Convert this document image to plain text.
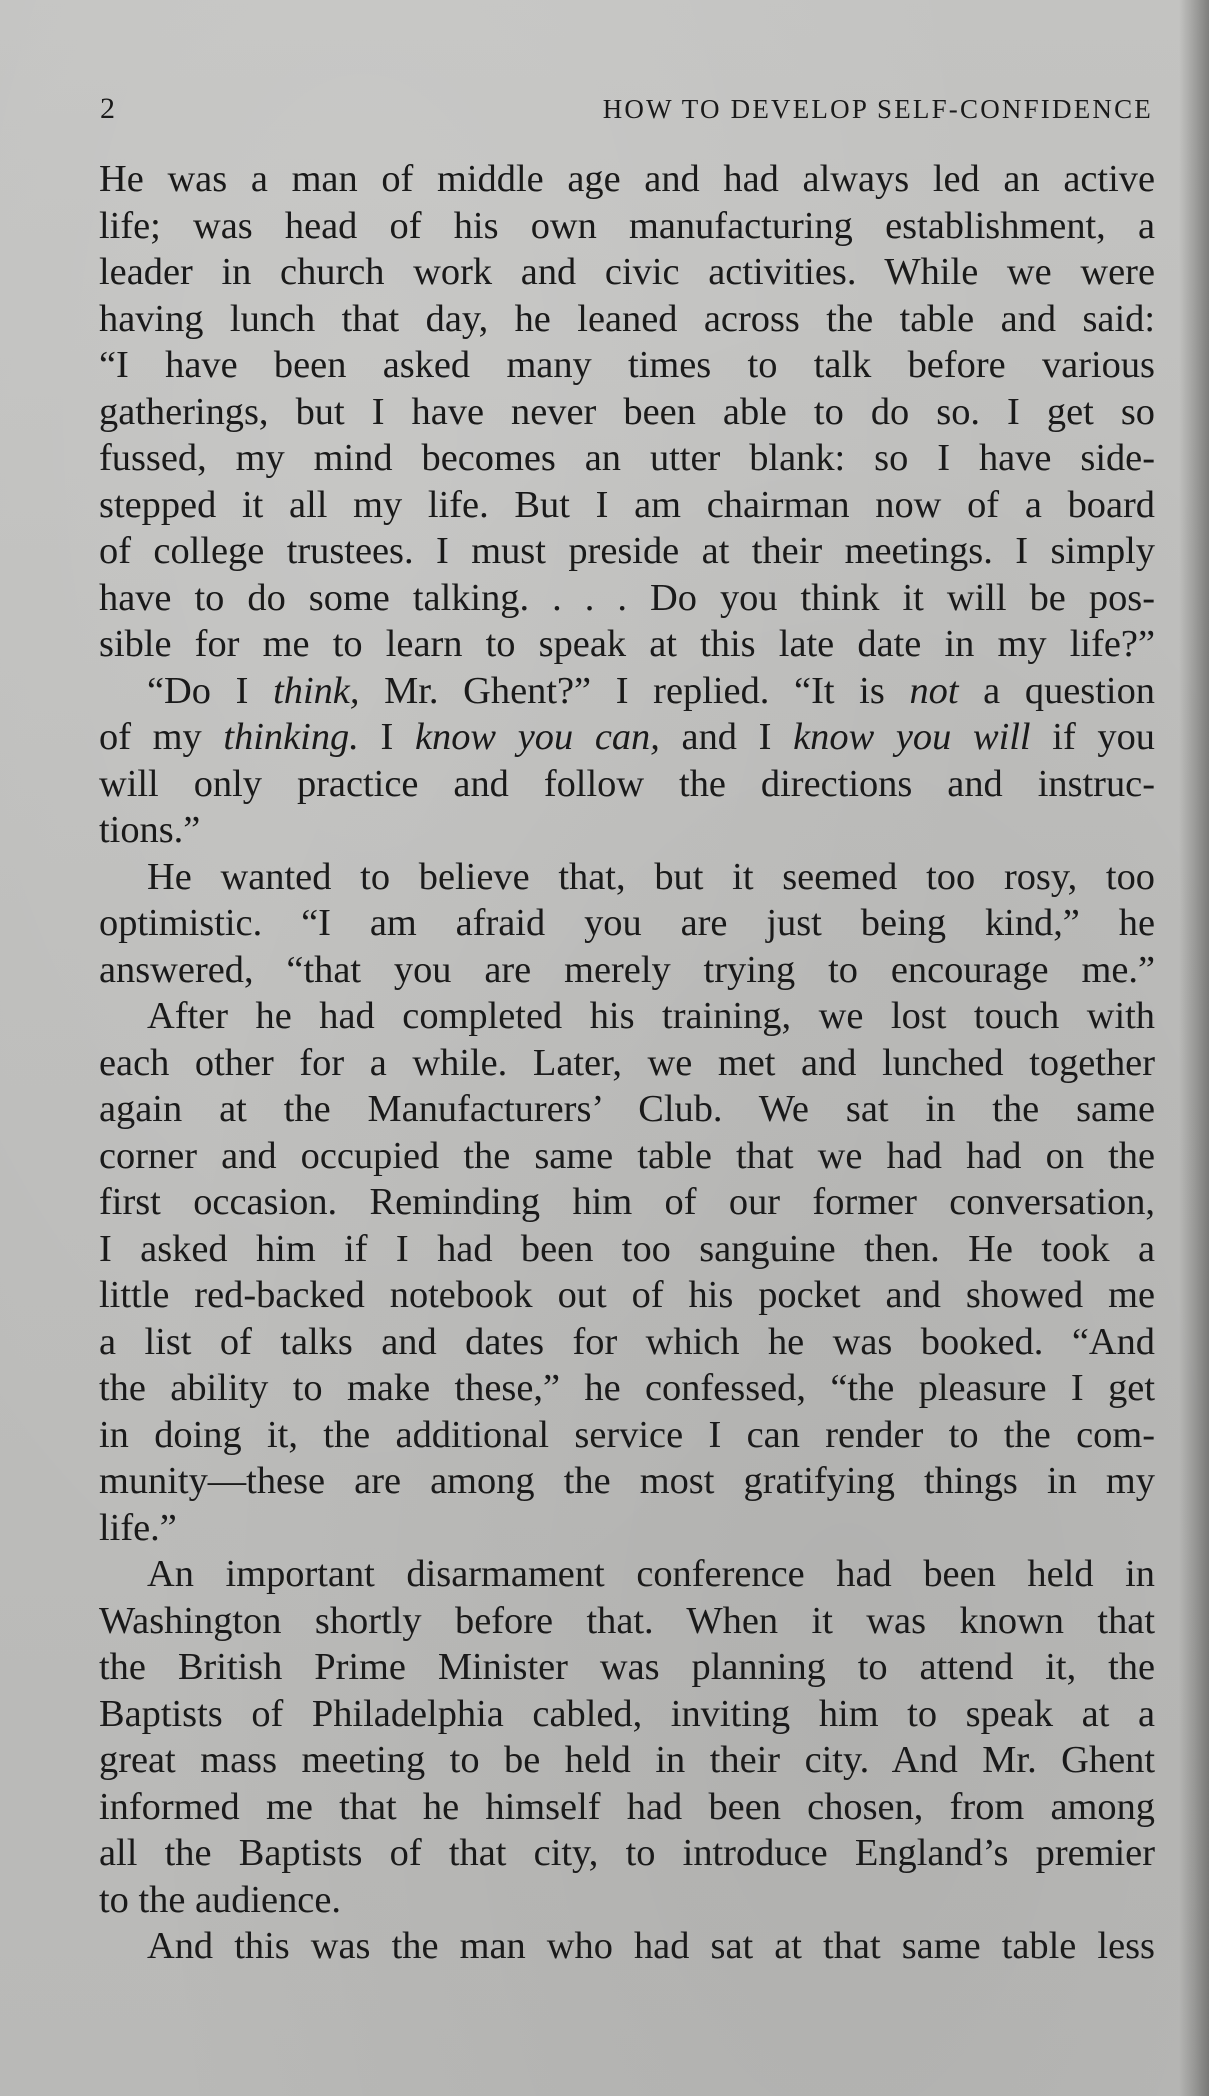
2	HOW TO DEVELOP SELF-CONFIDENCE
He was a man of middle age and had always led an active
life; was head of his own manufacturing establishment, a
leader in church work and civic activities. While we were
having lunch that day, he leaned across the table and said:
“I have been asked many times to talk before various
gatherings, but I have never been able to do so. I get so
fussed, my mind becomes an utter blank: so I have side-
stepped it all my life. But I am chairman now of a board
of college trustees. I must preside at their meetings. I simply
have to do some talking. . . . Do you think it will be pos-
sible for me to learn to speak at this late date in my life?”
“Do I think, Mr. Ghent?” I replied. “It is not a question
of my thinking. I know you can, and I know you will if you
will only practice and follow the directions and instruc-
tions.”
He wanted to believe that, but it seemed too rosy, too
optimistic. “I am afraid you are just being kind,” he
answered, “that you are merely trying to encourage me.”
After he had completed his training, we lost touch with
each other for a while. Later, we met and lunched together
again at the Manufacturers’ Club. We sat in the same
corner and occupied the same table that we had had on the
first occasion. Reminding him of our former conversation,
I asked him if I had been too sanguine then. He took a
little red-backed notebook out of his pocket and showed me
a list of talks and dates for which he was booked. “And
the ability to make these,” he confessed, “the pleasure I get
in doing it, the additional service I can render to the com-
munity—these are among the most gratifying things in my
life.”
An important disarmament conference had been held in
Washington shortly before that. When it was known that
the British Prime Minister was planning to attend it, the
Baptists of Philadelphia cabled, inviting him to speak at a
great mass meeting to be held in their city. And Mr. Ghent
informed me that he himself had been chosen, from among
all the Baptists of that city, to introduce England’s premier
to the audience.
And this was the man who had sat at that same table less
